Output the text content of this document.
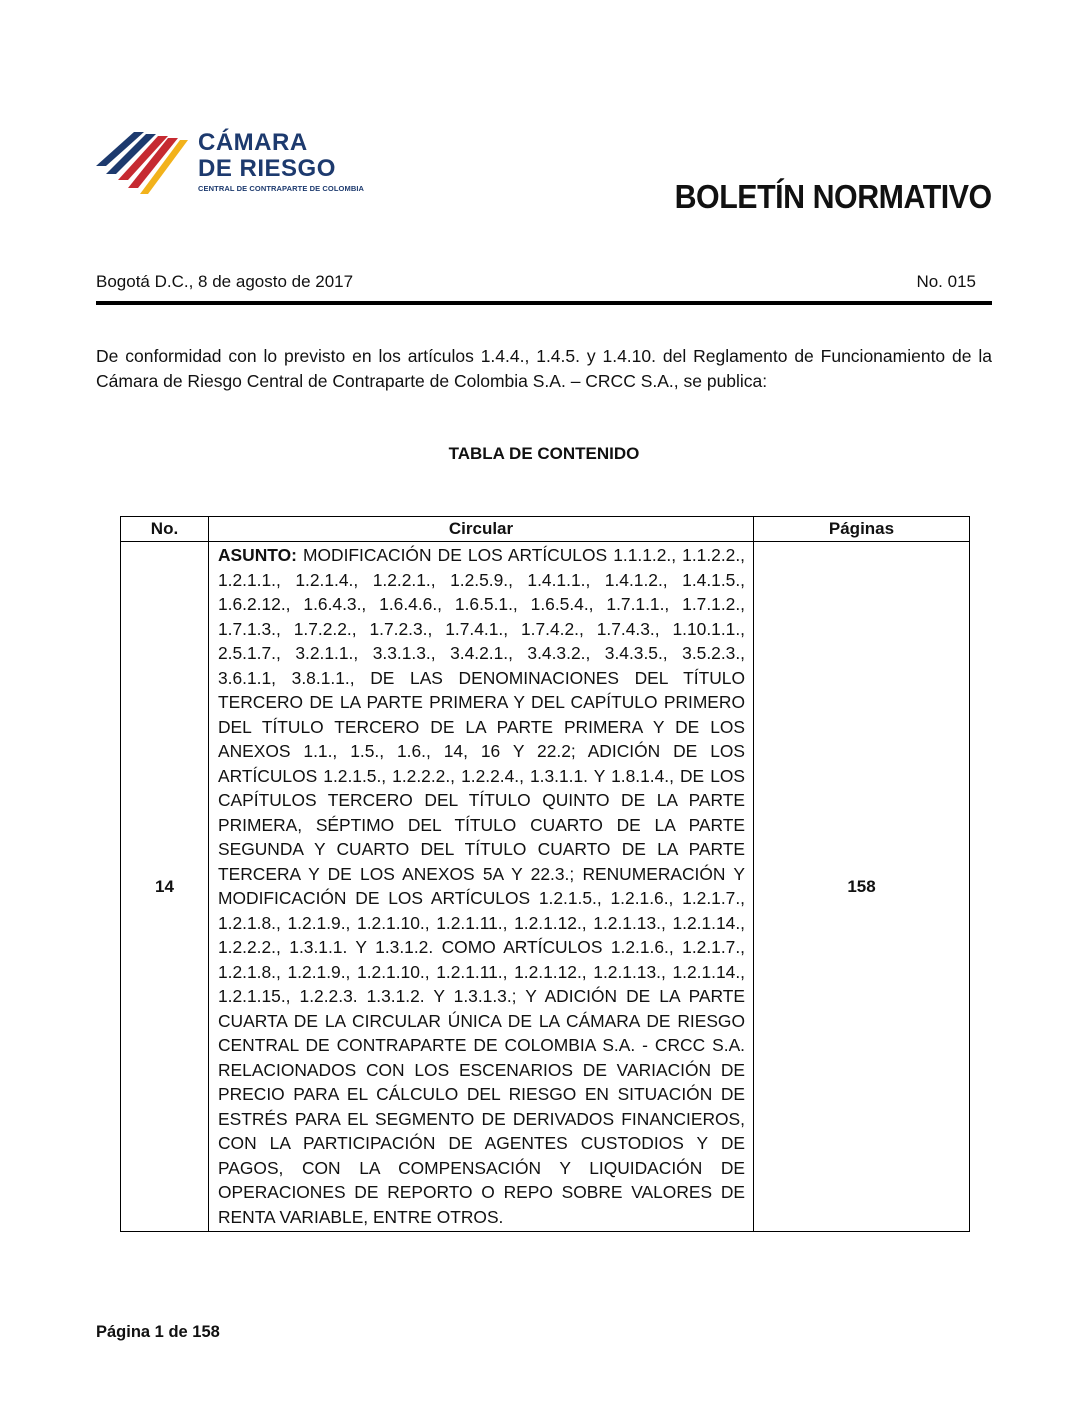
CÁMARA
DE RIESGO
CENTRAL DE CONTRAPARTE DE COLOMBIA	BOLETÍN NORMATIVO
Bogotá D.C., 8 de agosto de 2017	No. 015
De conformidad con lo previsto en los artículos 1.4.4., 1.4.5. y 1.4.10. del Reglamento de Funcionamiento de la Cámara de Riesgo Central de Contraparte de Colombia S.A. – CRCC S.A., se publica:
TABLA DE CONTENIDO
No.	Circular	Páginas
14	ASUNTO: MODIFICACIÓN DE LOS ARTÍCULOS 1.1.1.2., 1.1.2.2., 1.2.1.1., 1.2.1.4., 1.2.2.1., 1.2.5.9., 1.4.1.1., 1.4.1.2., 1.4.1.5., 1.6.2.12., 1.6.4.3., 1.6.4.6., 1.6.5.1., 1.6.5.4., 1.7.1.1., 1.7.1.2., 1.7.1.3., 1.7.2.2., 1.7.2.3., 1.7.4.1., 1.7.4.2., 1.7.4.3., 1.10.1.1., 2.5.1.7., 3.2.1.1., 3.3.1.3., 3.4.2.1., 3.4.3.2., 3.4.3.5., 3.5.2.3., 3.6.1.1, 3.8.1.1., DE LAS DENOMINACIONES DEL TÍTULO TERCERO DE LA PARTE PRIMERA Y DEL CAPÍTULO PRIMERO DEL TÍTULO TERCERO DE LA PARTE PRIMERA Y DE LOS ANEXOS 1.1., 1.5., 1.6., 14, 16 Y 22.2; ADICIÓN DE LOS ARTÍCULOS 1.2.1.5., 1.2.2.2., 1.2.2.4., 1.3.1.1. Y 1.8.1.4., DE LOS CAPÍTULOS TERCERO DEL TÍTULO QUINTO DE LA PARTE PRIMERA, SÉPTIMO DEL TÍTULO CUARTO DE LA PARTE SEGUNDA Y CUARTO DEL TÍTULO CUARTO DE LA PARTE TERCERA Y DE LOS ANEXOS 5A Y 22.3.; RENUMERACIÓN Y MODIFICACIÓN DE LOS ARTÍCULOS 1.2.1.5., 1.2.1.6., 1.2.1.7., 1.2.1.8., 1.2.1.9., 1.2.1.10., 1.2.1.11., 1.2.1.12., 1.2.1.13., 1.2.1.14., 1.2.2.2., 1.3.1.1. Y 1.3.1.2. COMO ARTÍCULOS 1.2.1.6., 1.2.1.7., 1.2.1.8., 1.2.1.9., 1.2.1.10., 1.2.1.11., 1.2.1.12., 1.2.1.13., 1.2.1.14., 1.2.1.15., 1.2.2.3. 1.3.1.2. Y 1.3.1.3.; Y ADICIÓN DE LA PARTE CUARTA DE LA CIRCULAR ÚNICA DE LA CÁMARA DE RIESGO CENTRAL DE CONTRAPARTE DE COLOMBIA S.A. - CRCC S.A. RELACIONADOS CON LOS ESCENARIOS DE VARIACIÓN DE PRECIO PARA EL CÁLCULO DEL RIESGO EN SITUACIÓN DE ESTRÉS PARA EL SEGMENTO DE DERIVADOS FINANCIEROS, CON LA PARTICIPACIÓN DE AGENTES CUSTODIOS Y DE PAGOS, CON LA COMPENSACIÓN Y LIQUIDACIÓN DE OPERACIONES DE REPORTO O REPO SOBRE VALORES DE RENTA VARIABLE, ENTRE OTROS.	158
Página 1 de 158
